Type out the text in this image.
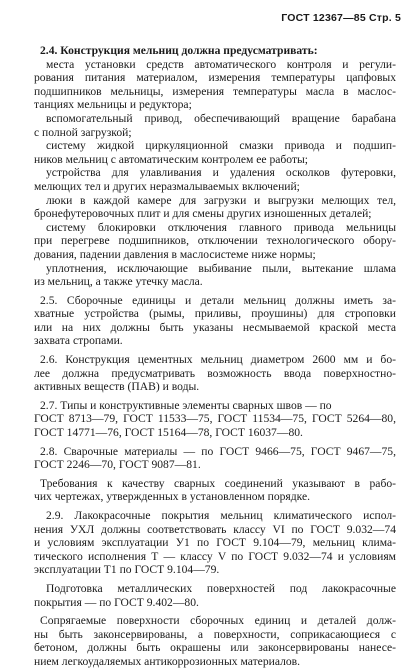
ГОСТ 12367—85 Стр. 5
2.4. Конструкция мельниц должна предусматривать:
места установки средств автоматического контроля и регули-
рования питания материалом, измерения температуры цапфовых
подшипников мельницы, измерения температуры масла в маслос-
танциях мельницы и редуктора;
вспомогательный привод, обеспечивающий вращение барабана
с полной загрузкой;
систему жидкой циркуляционной смазки привода и подшип-
ников мельниц с автоматическим контролем ее работы;
устройства для улавливания и удаления осколков футеровки,
мелющих тел и других неразмалываемых включений;
люки в каждой камере для загрузки и выгрузки мелющих тел,
бронефутеровочных плит и для смены других изношенных деталей;
систему блокировки отключения главного привода мельницы
при перегреве подшипников, отключении технологического обору-
дования, падении давления в маслосистеме ниже нормы;
уплотнения, исключающие выбивание пыли, вытекание шлама
из мельниц, а также утечку масла.
2.5. Сборочные единицы и детали мельниц должны иметь за-
хватные устройства (рымы, приливы, проушины) для строповки
или на них должны быть указаны несмываемой краской места
захвата стропами.
2.6. Конструкция цементных мельниц диаметром 2600 мм и бо-
лее должна предусматривать возможность ввода поверхностно-
активных веществ (ПАВ) и воды.
2.7. Типы и конструктивные элементы сварных швов — по
ГОСТ 8713—79, ГОСТ 11533—75, ГОСТ 11534—75, ГОСТ 5264—80,
ГОСТ 14771—76, ГОСТ 15164—78, ГОСТ 16037—80.
2.8. Сварочные материалы — по ГОСТ 9466—75, ГОСТ 9467—75,
ГОСТ 2246—70, ГОСТ 9087—81.
Требования к качеству сварных соединений указывают в рабо-
чих чертежах, утвержденных в установленном порядке.
2.9. Лакокрасочные покрытия мельниц климатического испол-
нения УХЛ должны соответствовать классу VI по ГОСТ 9.032—74
и условиям эксплуатации У1 по ГОСТ 9.104—79, мельниц клима-
тического исполнения Т — классу V по ГОСТ 9.032—74 и условиям
эксплуатации Т1 по ГОСТ 9.104—79.
Подготовка металлических поверхностей под лакокрасочные
покрытия — по ГОСТ 9.402—80.
Сопрягаемые поверхности сборочных единиц и деталей долж-
ны быть законсервированы, а поверхности, соприкасающиеся с
бетоном, должны быть окрашены или законсервированы нанесе-
нием легкоудаляемых антикоррозионных материалов.
